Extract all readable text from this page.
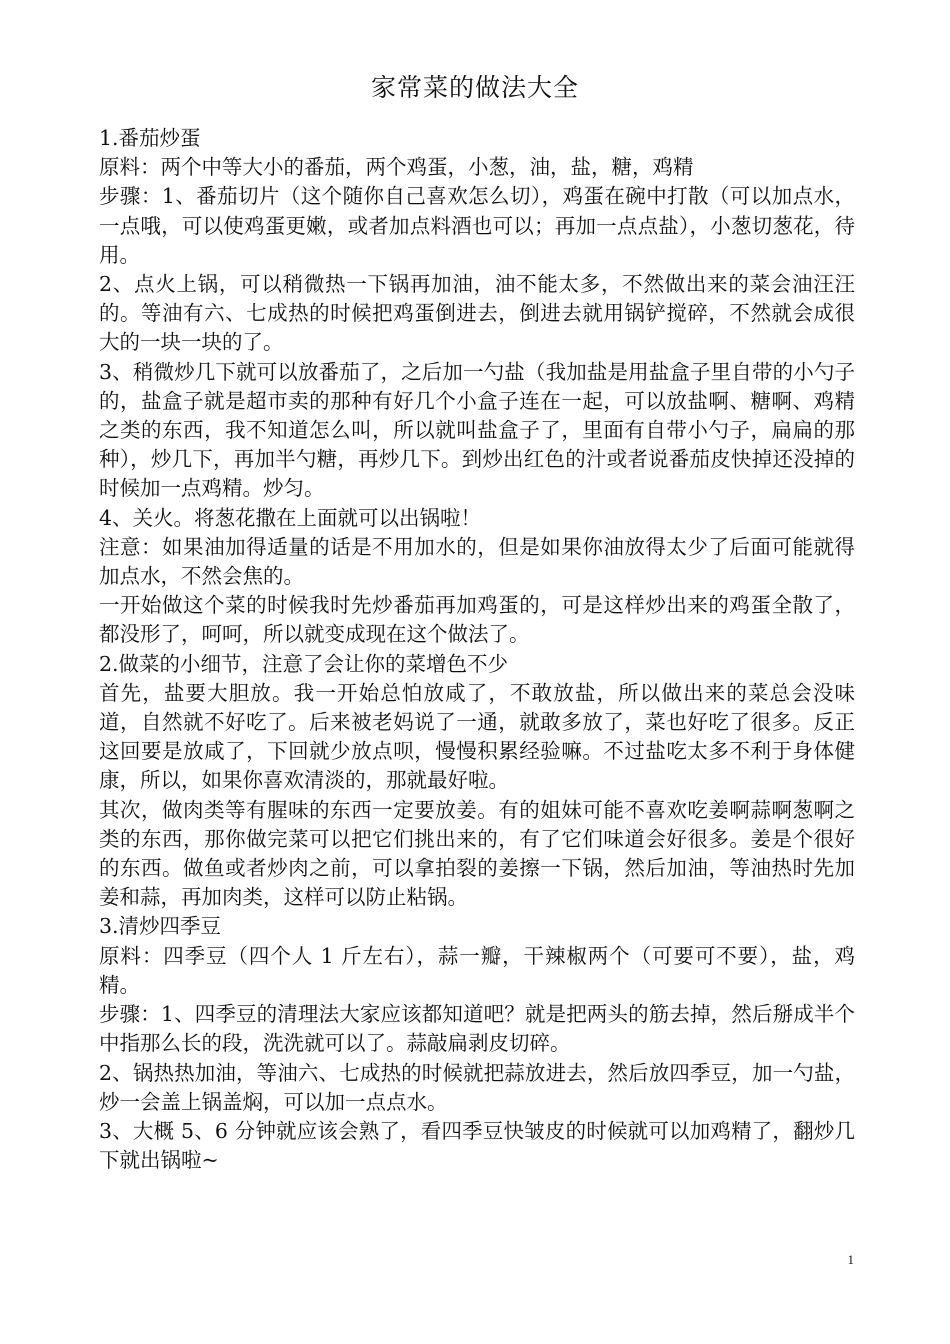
家常菜的做法大全

1.番茄炒蛋

原料：两个中等大小的番茄，两个鸡蛋，小葱，油，盐，糖，鸡精

步骤：1、番茄切片（这个随你自己喜欢怎么切），鸡蛋在碗中打散（可以加点水，一点哦，可以使鸡蛋更嫩，或者加点料酒也可以；再加一点点盐），小葱切葱花，待用。

2、点火上锅，可以稍微热一下锅再加油，油不能太多，不然做出来的菜会油汪汪的。等油有六、七成热的时候把鸡蛋倒进去，倒进去就用锅铲搅碎，不然就会成很大的一块一块的了。

3、稍微炒几下就可以放番茄了，之后加一勺盐（我加盐是用盐盒子里自带的小勺子的，盐盒子就是超市卖的那种有好几个小盒子连在一起，可以放盐啊、糖啊、鸡精之类的东西，我不知道怎么叫，所以就叫盐盒子了，里面有自带小勺子，扁扁的那种），炒几下，再加半勺糖，再炒几下。到炒出红色的汁或者说番茄皮快掉还没掉的时候加一点鸡精。炒匀。

4、关火。将葱花撒在上面就可以出锅啦！

注意：如果油加得适量的话是不用加水的，但是如果你油放得太少了后面可能就得加点水，不然会焦的。

一开始做这个菜的时候我时先炒番茄再加鸡蛋的，可是这样炒出来的鸡蛋全散了，都没形了，呵呵，所以就变成现在这个做法了。

2.做菜的小细节，注意了会让你的菜增色不少

首先，盐要大胆放。我一开始总怕放咸了，不敢放盐，所以做出来的菜总会没味道，自然就不好吃了。后来被老妈说了一通，就敢多放了，菜也好吃了很多。反正这回要是放咸了，下回就少放点呗，慢慢积累经验嘛。不过盐吃太多不利于身体健康，所以，如果你喜欢清淡的，那就最好啦。

其次，做肉类等有腥味的东西一定要放姜。有的姐妹可能不喜欢吃姜啊蒜啊葱啊之类的东西，那你做完菜可以把它们挑出来的，有了它们味道会好很多。姜是个很好的东西。做鱼或者炒肉之前，可以拿拍裂的姜擦一下锅，然后加油，等油热时先加姜和蒜，再加肉类，这样可以防止粘锅。

3.清炒四季豆

原料：四季豆（四个人 1 斤左右），蒜一瓣，干辣椒两个（可要可不要），盐，鸡精。

步骤：1、四季豆的清理法大家应该都知道吧？就是把两头的筋去掉，然后掰成半个中指那么长的段，洗洗就可以了。蒜敲扁剥皮切碎。

2、锅热热加油，等油六、七成热的时候就把蒜放进去，然后放四季豆，加一勺盐，炒一会盖上锅盖焖，可以加一点点水。

3、大概 5、6 分钟就应该会熟了，看四季豆快皱皮的时候就可以加鸡精了，翻炒几下就出锅啦~

1
